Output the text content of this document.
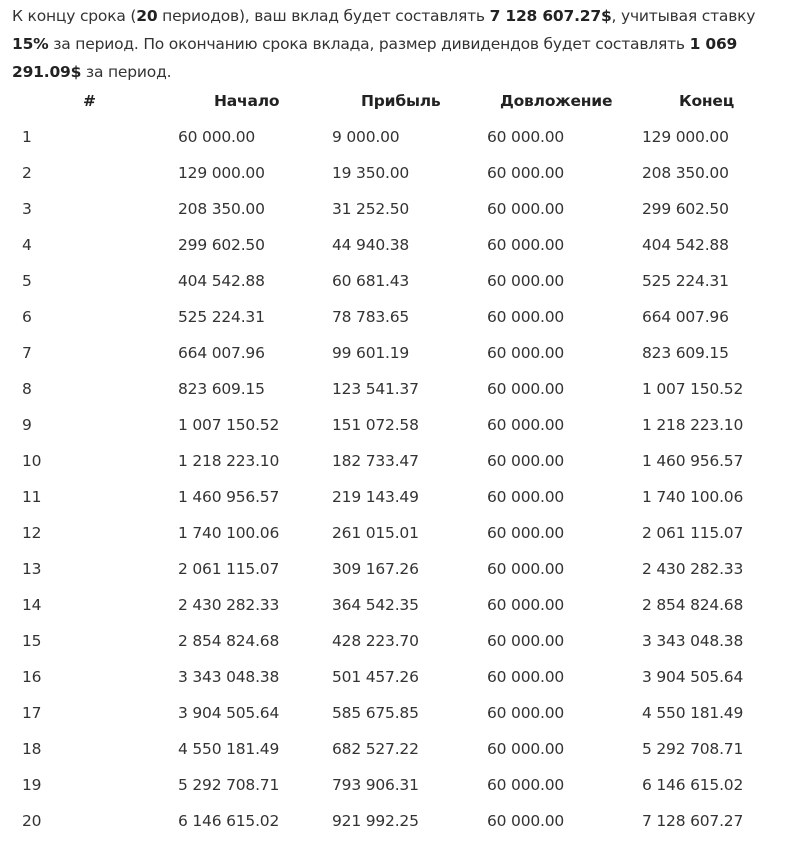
К концу срока (20 периодов), ваш вклад будет составлять 7 128 607.27$, учитывая ставку 15% за период. По окончанию срока вклада, размер дивидендов будет составлять 1 069 291.09$ за период.

#	Начало	Прибыль	Довложение	Конец
1	60 000.00	9 000.00	60 000.00	129 000.00
2	129 000.00	19 350.00	60 000.00	208 350.00
3	208 350.00	31 252.50	60 000.00	299 602.50
4	299 602.50	44 940.38	60 000.00	404 542.88
5	404 542.88	60 681.43	60 000.00	525 224.31
6	525 224.31	78 783.65	60 000.00	664 007.96
7	664 007.96	99 601.19	60 000.00	823 609.15
8	823 609.15	123 541.37	60 000.00	1 007 150.52
9	1 007 150.52	151 072.58	60 000.00	1 218 223.10
10	1 218 223.10	182 733.47	60 000.00	1 460 956.57
11	1 460 956.57	219 143.49	60 000.00	1 740 100.06
12	1 740 100.06	261 015.01	60 000.00	2 061 115.07
13	2 061 115.07	309 167.26	60 000.00	2 430 282.33
14	2 430 282.33	364 542.35	60 000.00	2 854 824.68
15	2 854 824.68	428 223.70	60 000.00	3 343 048.38
16	3 343 048.38	501 457.26	60 000.00	3 904 505.64
17	3 904 505.64	585 675.85	60 000.00	4 550 181.49
18	4 550 181.49	682 527.22	60 000.00	5 292 708.71
19	5 292 708.71	793 906.31	60 000.00	6 146 615.02
20	6 146 615.02	921 992.25	60 000.00	7 128 607.27
